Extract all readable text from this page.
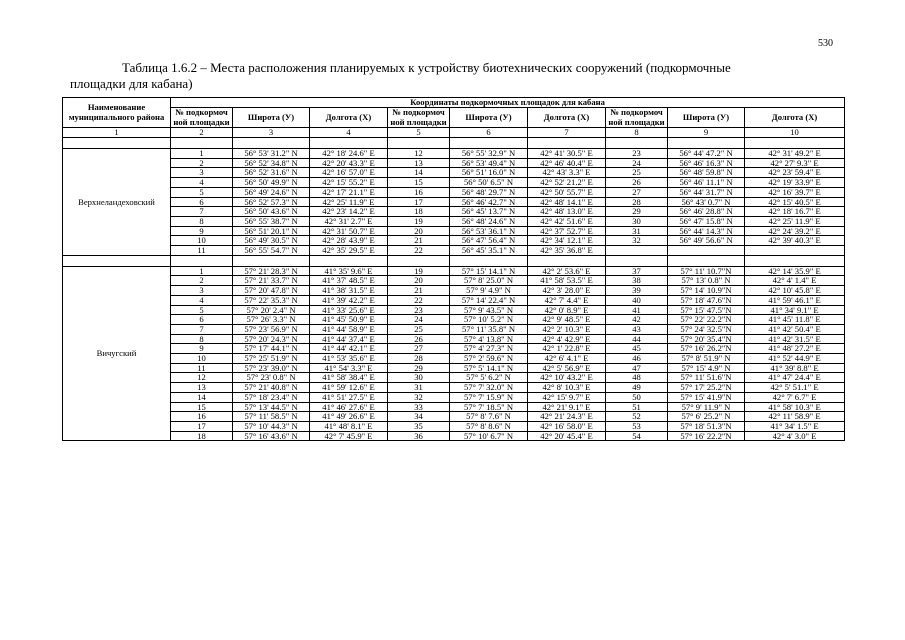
530
Таблица 1.6.2 – Места расположения планируемых к устройству биотехнических сооружений (подкормочные
площадки для кабана)
Наименование муниципального района	Координаты подкормочных площадок для кабана								
	№ подкормоч ной площадки	Широта (У)	Долгота (Х)	№ подкормоч ной площадки	Широта (У)	Долгота (Х)	№ подкормоч ной площадки	Широта (У)	Долгота (Х)
1	2	3	4	5	6	7	8	9	10

Верхнеландеховский	1	56° 53' 31.2" N	42° 18' 24.6" E	12	56° 55' 32.9" N	42° 41' 30.5" E	23	56° 44' 47.2" N	42° 31' 49.2" E
	2	56° 52' 34.8" N	42° 20' 43.3" E	13	56° 53' 49.4" N	42° 46' 40.4" E	24	56° 46' 16.3" N	42° 27' 9.3" E
	3	56° 52' 31.6" N	42° 16' 57.0" E	14	56° 51' 16.0" N	42° 43' 3.3" E	25	56° 48' 59.8" N	42° 23' 59.4" E
	4	56° 50' 49.9" N	42° 15' 55.2" E	15	56° 50' 6.5" N	42° 52' 21.2" E	26	56° 46' 11.1" N	42° 19' 33.9" E
	5	56° 49' 24.6" N	42° 17' 21.1" E	16	56° 48' 29.7" N	42° 50' 55.7" E	27	56° 44' 31.7" N	42° 16' 39.7" E
	6	56° 52' 57.3" N	42° 25' 11.9" E	17	56° 46' 42.7" N	42° 48' 14.1" E	28	56° 43' 0.7" N	42° 15' 40.5" E
	7	56° 50' 43.6" N	42° 23' 14.2" E	18	56° 45' 13.7" N	42° 48' 13.0" E	29	56° 46' 28.8" N	42° 18' 16.7" E
	8	56° 55' 38.7" N	42° 31' 2.7" E	19	56° 48' 24.6" N	42° 42' 51.6" E	30	56° 47' 15.8" N	42° 25' 11.9" E
	9	56° 51' 20.1" N	42° 31' 50.7" E	20	56° 53' 36.1" N	42° 37' 52.7" E	31	56° 44' 14.3" N	42° 24' 39.2" E
	10	56° 49' 30.5" N	42° 28' 43.9" E	21	56° 47' 56.4" N	42° 34' 12.1" E	32	56° 49' 56.6" N	42° 39' 40.3" E
	11	56° 55' 54.7" N	42° 35' 29.5" E	22	56° 45' 35.1" N	42° 35' 36.8" E			

Вичугский	1	57° 21' 28.3" N	41° 35' 9.6" E	19	57° 15' 14.1" N	42° 2' 53.6" E	37	57° 11' 10.7"N	42° 14' 35.9" E
	2	57° 21' 33.7" N	41° 37' 48.5" E	20	57° 8' 25.0" N	41° 58' 53.5" E	38	57° 13' 0.8" N	42° 4' 1.4" E
	3	57° 20' 47.8" N	41° 38' 31.5" E	21	57° 9' 4.9" N	42° 3' 28.0" E	39	57° 14' 10.9"N	42° 10' 45.8" E
	4	57° 22' 35.3" N	41° 39' 42.2" E	22	57° 14' 22.4" N	42° 7' 4.4" E	40	57° 18' 47.6"N	41° 59' 46.1" E
	5	57° 20' 2.4" N	41° 33' 25.6" E	23	57° 9' 43.5" N	42° 0' 8.9" E	41	57° 15' 47.5"N	41° 34' 9.1" E
	6	57° 26' 3.3" N	41° 45' 50.9" E	24	57° 10' 5.2" N	42° 9' 48.5" E	42	57° 22' 22.2"N	41° 45' 11.8" E
	7	57° 23' 56.9" N	41° 44' 58.9" E	25	57° 11' 35.8" N	42° 2' 10.3" E	43	57° 24' 32.5"N	41° 42' 50.4" E
	8	57° 20' 24.3" N	41° 44' 37.4" E	26	57° 4' 13.8" N	42° 4' 42.9" E	44	57° 20' 35.4"N	41° 42' 31.5" E
	9	57° 17' 44.1" N	41° 44' 42.1" E	27	57° 4' 27.3" N	42° 1' 22.8" E	45	57° 16' 26.2"N	41° 48' 27.2" E
	10	57° 25' 51.9" N	41° 53' 35.6" E	28	57° 2' 59.6" N	42° 6' 4.1" E	46	57° 8' 51.9" N	41° 52' 44.9" E
	11	57° 23' 39.0" N	41° 54' 3.3" E	29	57° 5' 14.1" N	42° 5' 56.9" E	47	57° 15' 4.9" N	41° 39' 8.8" E
	12	57° 23' 0.8" N	41° 58' 38.4" E	30	57° 5' 6.2" N	42° 10' 43.2" E	48	57° 11' 51.6"N	41° 47' 24.4" E
	13	57° 21' 40.8" N	41° 59' 12.6" E	31	57° 7' 32.0" N	42° 8' 10.3" E	49	57° 17' 25.2"N	42° 5' 51.1" E
	14	57° 18' 23.4" N	41° 51' 27.5" E	32	57° 7' 15.9" N	42° 15' 9.7" E	50	57° 15' 41.9"N	42° 7' 6.7" E
	15	57° 13' 44.5" N	41° 46' 27.6" E	33	57° 7' 18.5" N	42° 21' 9.1" E	51	57° 9' 11.9" N	41° 58' 10.3" E
	16	57° 11' 58.5" N	41° 49' 26.6" E	34	57° 8' 7.6" N	42° 21' 24.3" E	52	57° 6' 25.2" N	42° 11' 58.9" E
	17	57° 10' 44.3" N	41° 48' 8.1" E	35	57° 8' 8.6" N	42° 16' 58.0" E	53	57° 18' 51.3"N	41° 34' 1.5" E
	18	57° 16' 43.6" N	42° 7' 45.9" E	36	57° 10' 6.7" N	42° 20' 45.4" E	54	57° 16' 22.2"N	42° 4' 3.0" E
